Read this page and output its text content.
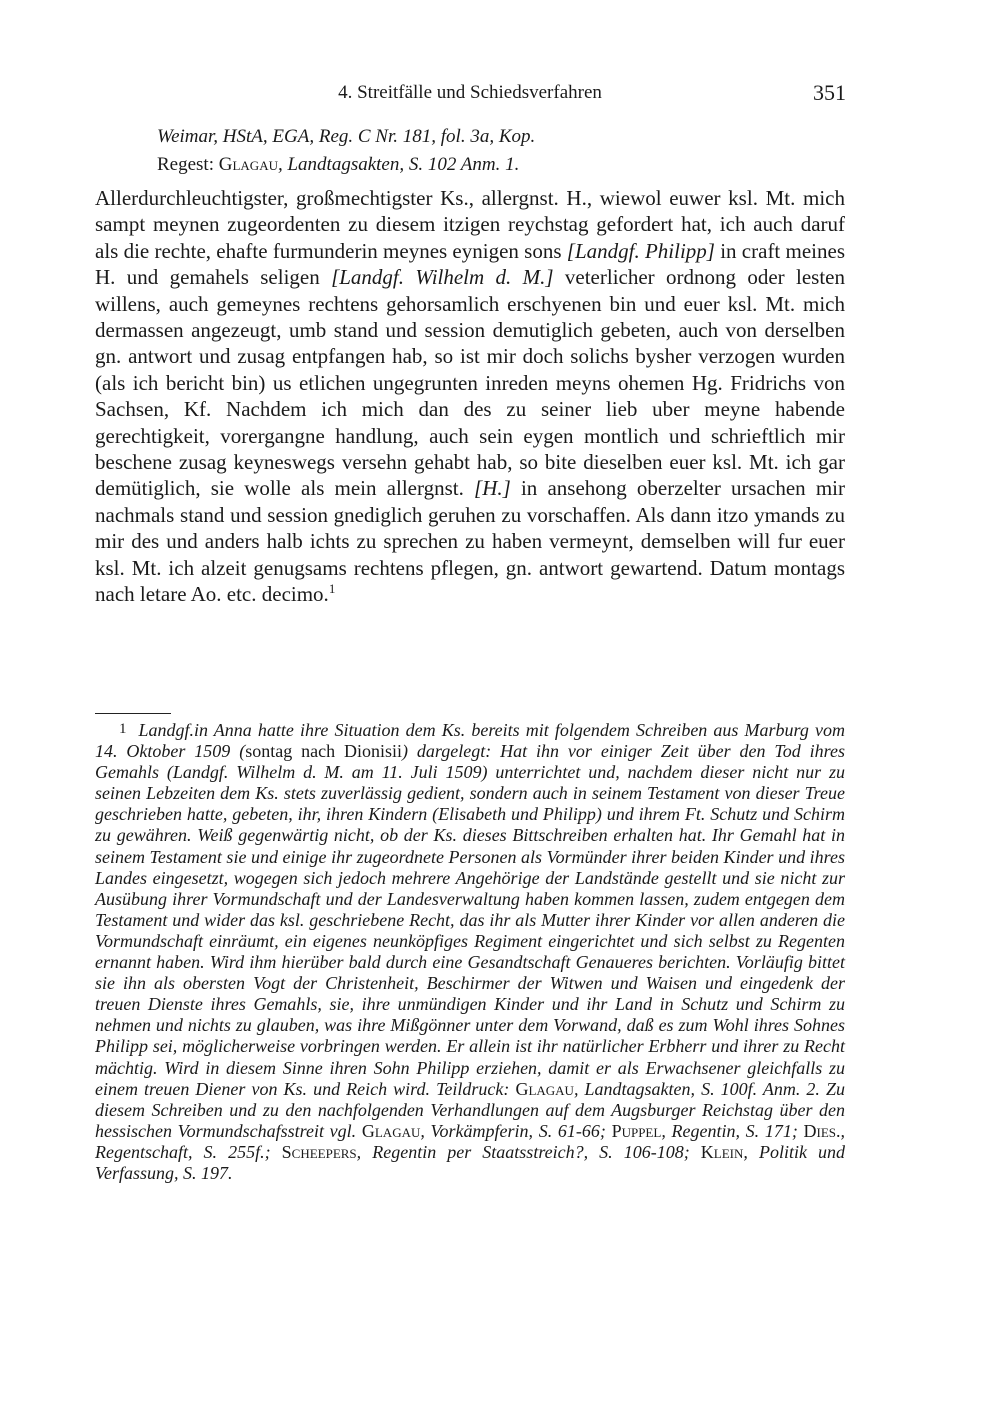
4. Streitfälle und Schiedsverfahren	351
Weimar, HStA, EGA, Reg. C Nr. 181, fol. 3a, Kop.
Regest: Glagau, Landtagsakten, S. 102 Anm. 1.
Allerdurchleuchtigster, großmechtigster Ks., allergnst. H., wiewol euwer ksl. Mt. mich sampt meynen zugeordenten zu diesem itzigen reychstag gefordert hat, ich auch daruf als die rechte, ehafte furmunderin meynes eynigen sons [Landgf. Philipp] in craft meines H. und gemahels seligen [Landgf. Wilhelm d. M.] veterlicher ordnong oder lesten willens, auch gemeynes rechtens gehorsamlich erschyenen bin und euer ksl. Mt. mich dermassen angezeugt, umb stand und session demutiglich gebeten, auch von derselben gn. antwort und zusag entpfangen hab, so ist mir doch solichs bysher verzogen wurden (als ich bericht bin) us etlichen ungegrunten inreden meyns ohemen Hg. Fridrichs von Sachsen, Kf. Nachdem ich mich dan des zu seiner lieb uber meyne habende gerechtigkeit, vorergangne handlung, auch sein eygen montlich und schrieftlich mir beschene zusag keyneswegs versehn gehabt hab, so bite dieselben euer ksl. Mt. ich gar demütiglich, sie wolle als mein allergnst. [H.] in ansehong oberzelter ursachen mir nachmals stand und session gnediglich geruhen zu vorschaffen. Als dann itzo ymands zu mir des und anders halb ichts zu sprechen zu haben vermeynt, demselben will fur euer ksl. Mt. ich alzeit genugsams rechtens pflegen, gn. antwort gewartend. Datum montags nach letare Ao. etc. decimo.$^1$
1 Landgf.in Anna hatte ihre Situation dem Ks. bereits mit folgendem Schreiben aus Marburg vom 14. Oktober 1509 (sontag nach Dionisii) dargelegt: Hat ihn vor einiger Zeit über den Tod ihres Gemahls (Landgf. Wilhelm d. M. am 11. Juli 1509) unterrichtet und, nachdem dieser nicht nur zu seinen Lebzeiten dem Ks. stets zuverlässig gedient, sondern auch in seinem Testament von dieser Treue geschrieben hatte, gebeten, ihr, ihren Kindern (Elisabeth und Philipp) und ihrem Ft. Schutz und Schirm zu gewähren. Weiß gegenwärtig nicht, ob der Ks. dieses Bittschreiben erhalten hat. Ihr Gemahl hat in seinem Testament sie und einige ihr zugeordnete Personen als Vormünder ihrer beiden Kinder und ihres Landes eingesetzt, wogegen sich jedoch mehrere Angehörige der Landstände gestellt und sie nicht zur Ausübung ihrer Vormundschaft und der Landesverwaltung haben kommen lassen, zudem entgegen dem Testament und wider das ksl. geschriebene Recht, das ihr als Mutter ihrer Kinder vor allen anderen die Vormundschaft einräumt, ein eigenes neunköpfiges Regiment eingerichtet und sich selbst zu Regenten ernannt haben. Wird ihm hierüber bald durch eine Gesandtschaft Genaueres berichten. Vorläufig bittet sie ihn als obersten Vogt der Christenheit, Beschirmer der Witwen und Waisen und eingedenk der treuen Dienste ihres Gemahls, sie, ihre unmündigen Kinder und ihr Land in Schutz und Schirm zu nehmen und nichts zu glauben, was ihre Mißgönner unter dem Vorwand, daß es zum Wohl ihres Sohnes Philipp sei, möglicherweise vorbringen werden. Er allein ist ihr natürlicher Erbherr und ihrer zu Recht mächtig. Wird in diesem Sinne ihren Sohn Philipp erziehen, damit er als Erwachsener gleichfalls zu einem treuen Diener von Ks. und Reich wird. Teildruck: Glagau, Landtagsakten, S. 100f. Anm. 2. Zu diesem Schreiben und zu den nachfolgenden Verhandlungen auf dem Augsburger Reichstag über den hessischen Vormundschafsstreit vgl. Glagau, Vorkämpferin, S. 61-66; Puppel, Regentin, S. 171; Dies., Regentschaft, S. 255f.; Scheepers, Regentin per Staatsstreich?, S. 106-108; Klein, Politik und Verfassung, S. 197.
